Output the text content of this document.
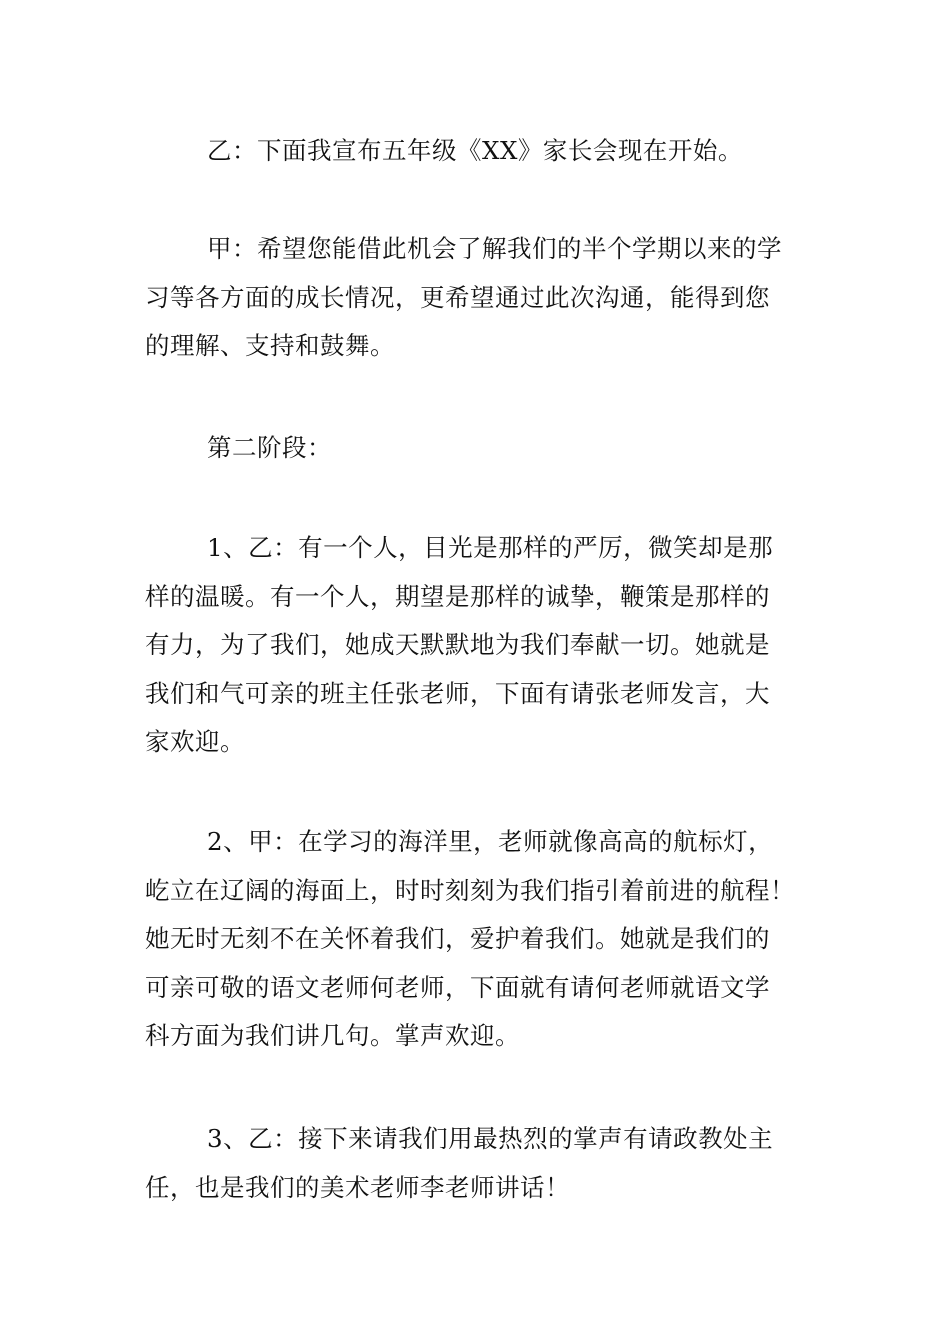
乙：下面我宣布五年级《XX》家长会现在开始。
甲：希望您能借此机会了解我们的半个学期以来的学
习等各方面的成长情况，更希望通过此次沟通，能得到您
的理解、支持和鼓舞。
第二阶段：
1、乙：有一个人，目光是那样的严厉，微笑却是那
样的温暖。有一个人，期望是那样的诚挚，鞭策是那样的
有力，为了我们，她成天默默地为我们奉献一切。她就是
我们和气可亲的班主任张老师，下面有请张老师发言，大
家欢迎。
2、甲：在学习的海洋里，老师就像高高的航标灯，
屹立在辽阔的海面上，时时刻刻为我们指引着前进的航程！
她无时无刻不在关怀着我们，爱护着我们。她就是我们的
可亲可敬的语文老师何老师，下面就有请何老师就语文学
科方面为我们讲几句。掌声欢迎。
3、乙：接下来请我们用最热烈的掌声有请政教处主
任，也是我们的美术老师李老师讲话！
